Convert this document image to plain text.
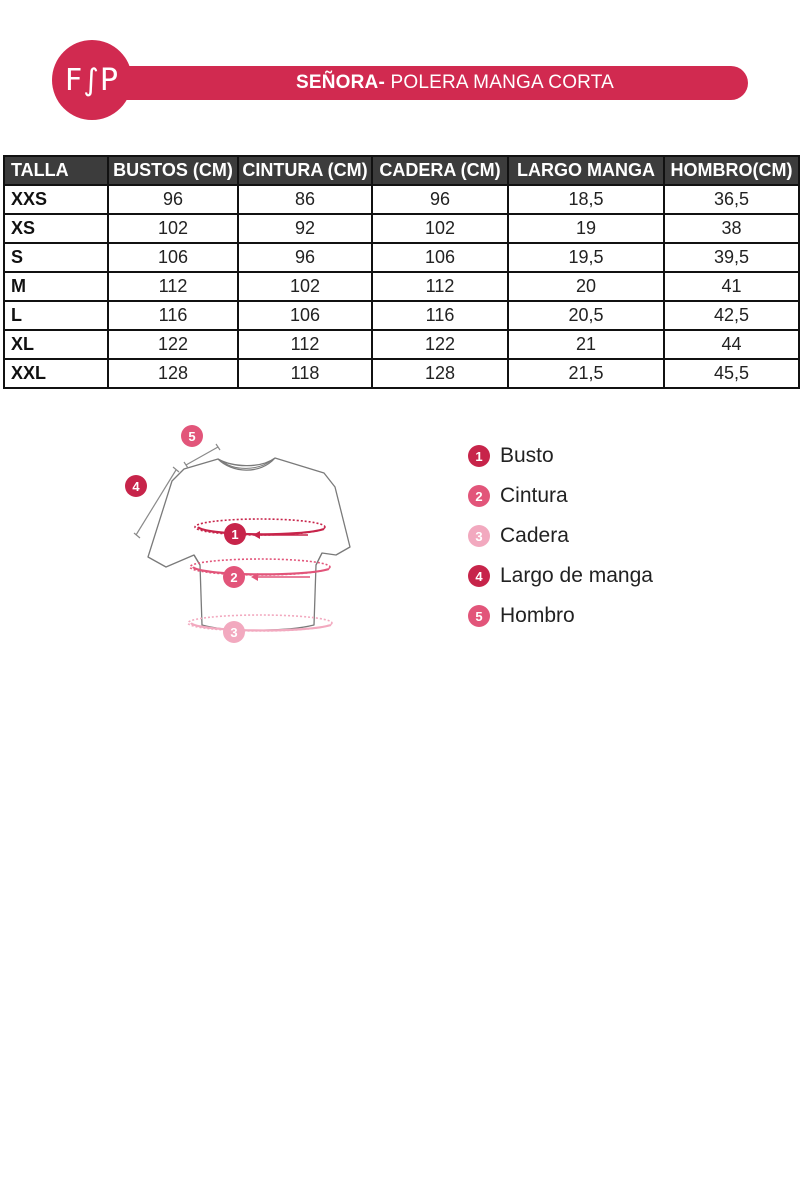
SEÑORA- POLERA MANGA CORTA
F∫P
TALLA	BUSTOS (CM)	CINTURA (CM)	CADERA (CM)	LARGO MANGA	HOMBRO(CM)
XXS	96	86	96	18,5	36,5
XS	102	92	102	19	38
S	106	96	106	19,5	39,5
M	112	102	112	20	41
L	116	106	116	20,5	42,5
XL	122	112	122	21	44
XXL	128	118	128	21,5	45,5
1
2
3
4
5
1 Busto
2 Cintura
3 Cadera
4 Largo de manga
5 Hombro
